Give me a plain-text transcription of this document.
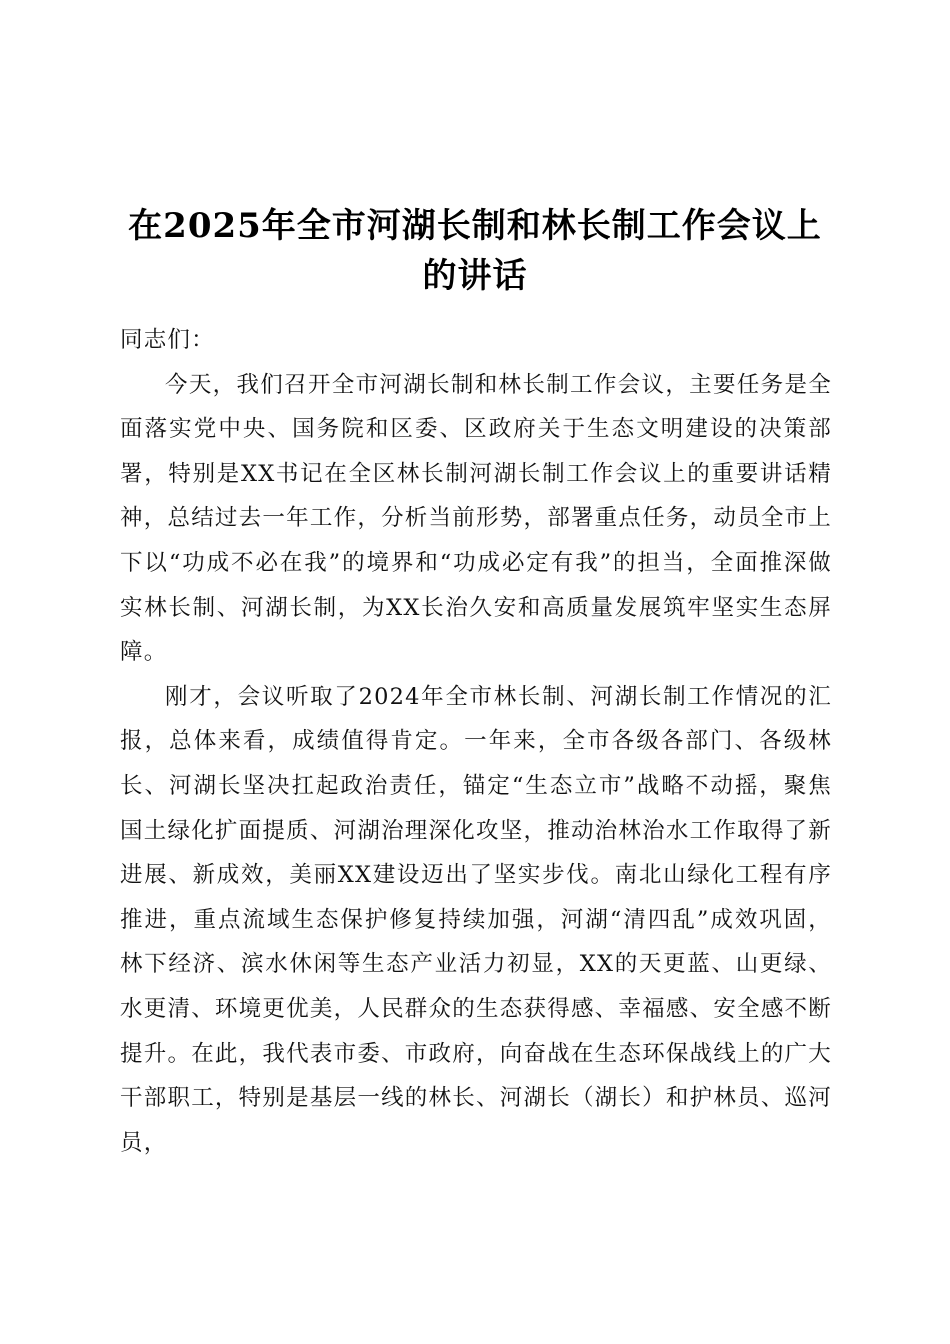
在2025年全市河湖长制和林长制工作会议上
的讲话

同志们：

今天，我们召开全市河湖长制和林长制工作会议，主要任务是全面落实党中央、国务院和区委、区政府关于生态文明建设的决策部署，特别是XX书记在全区林长制河湖长制工作会议上的重要讲话精神，总结过去一年工作，分析当前形势，部署重点任务，动员全市上下以“功成不必在我”的境界和“功成必定有我”的担当，全面推深做实林长制、河湖长制，为XX长治久安和高质量发展筑牢坚实生态屏障。

刚才，会议听取了2024年全市林长制、河湖长制工作情况的汇报，总体来看，成绩值得肯定。一年来，全市各级各部门、各级林长、河湖长坚决扛起政治责任，锚定“生态立市”战略不动摇，聚焦国土绿化扩面提质、河湖治理深化攻坚，推动治林治水工作取得了新进展、新成效，美丽XX建设迈出了坚实步伐。南北山绿化工程有序推进，重点流域生态保护修复持续加强，河湖“清四乱”成效巩固，林下经济、滨水休闲等生态产业活力初显，XX的天更蓝、山更绿、水更清、环境更优美，人民群众的生态获得感、幸福感、安全感不断提升。在此，我代表市委、市政府，向奋战在生态环保战线上的广大干部职工，特别是基层一线的林长、河湖长（湖长）和护林员、巡河员，
